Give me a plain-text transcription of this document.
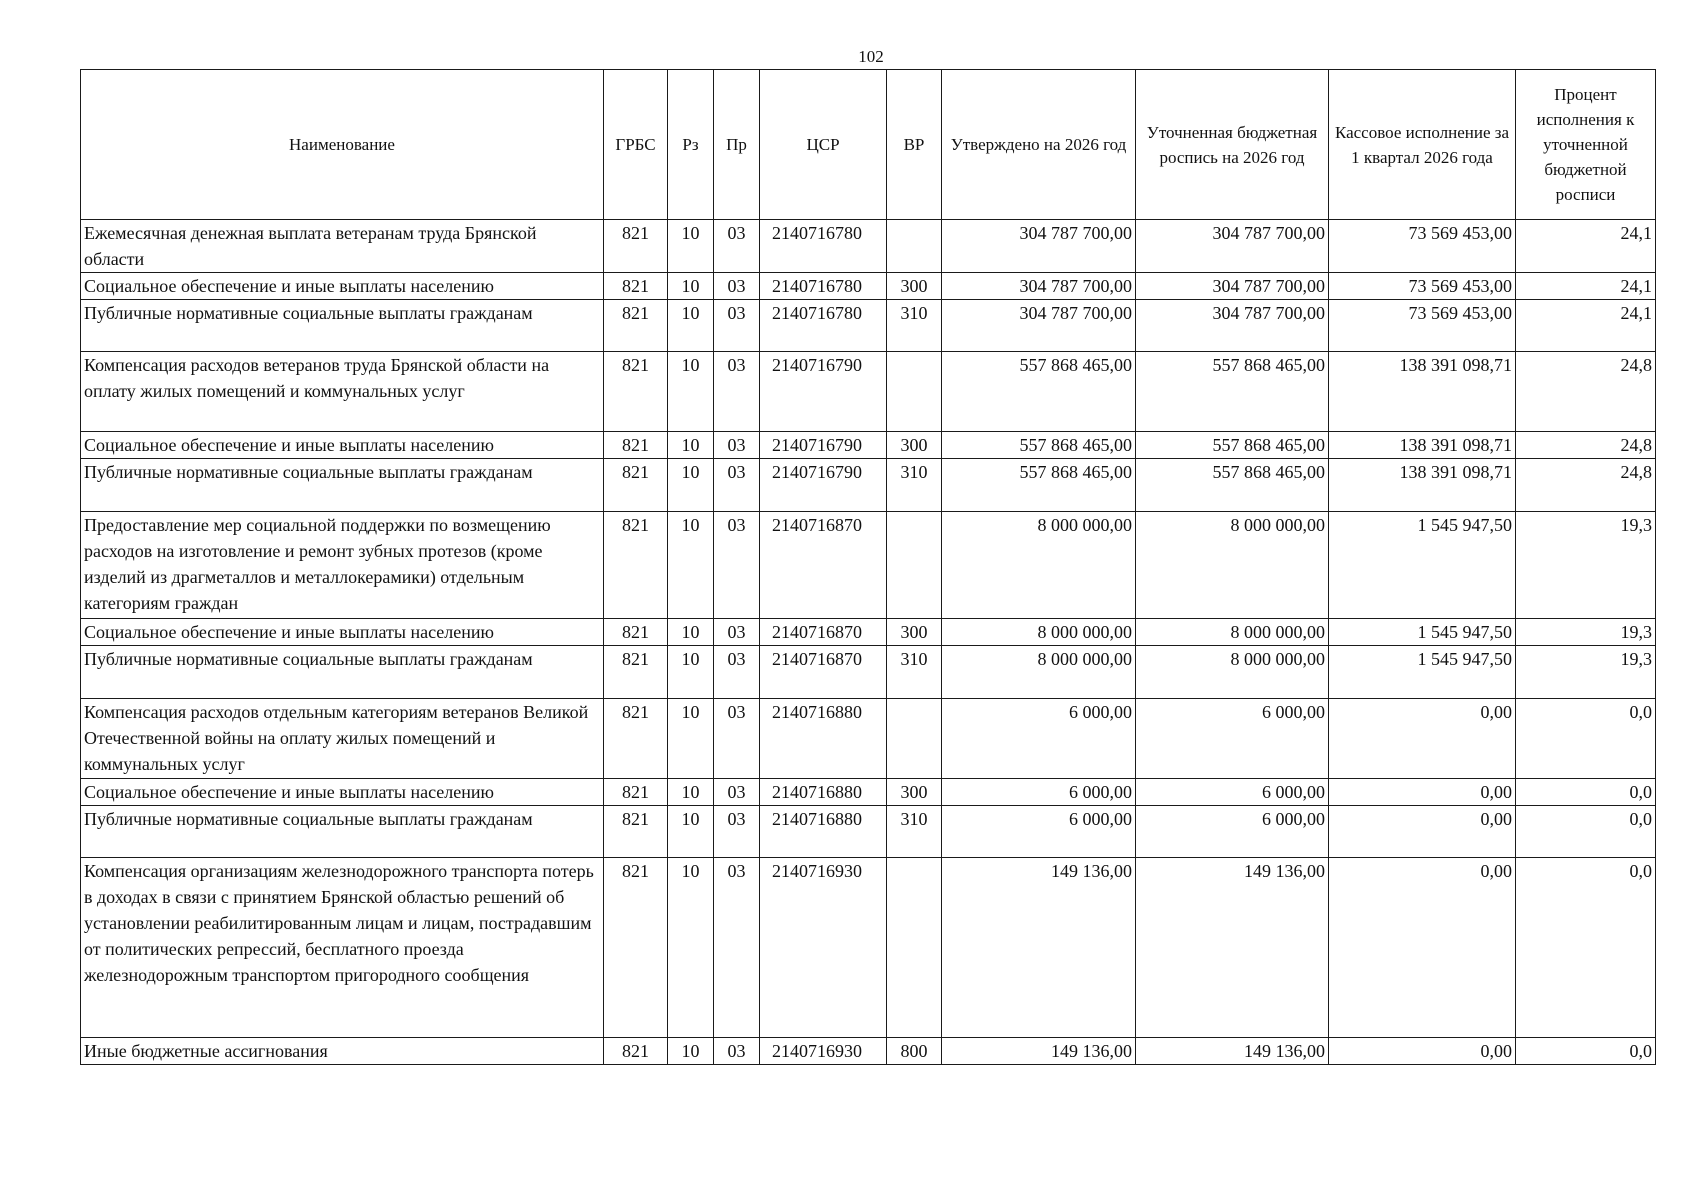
102
Наименование	ГРБС	Рз	Пр	ЦСР	ВР	Утверждено на 2026 год	Уточненная бюджетная роспись на 2026 год	Кассовое исполнение за 1 квартал 2026 года	Процент исполнения к уточненной бюджетной росписи
Ежемесячная денежная выплата ветеранам труда Брянской области	821	10	03	2140716780		304 787 700,00	304 787 700,00	73 569 453,00	24,1
Социальное обеспечение и иные выплаты населению	821	10	03	2140716780	300	304 787 700,00	304 787 700,00	73 569 453,00	24,1
Публичные нормативные социальные выплаты гражданам	821	10	03	2140716780	310	304 787 700,00	304 787 700,00	73 569 453,00	24,1
Компенсация расходов ветеранов труда Брянской области на оплату жилых помещений и коммунальных услуг	821	10	03	2140716790		557 868 465,00	557 868 465,00	138 391 098,71	24,8
Социальное обеспечение и иные выплаты населению	821	10	03	2140716790	300	557 868 465,00	557 868 465,00	138 391 098,71	24,8
Публичные нормативные социальные выплаты гражданам	821	10	03	2140716790	310	557 868 465,00	557 868 465,00	138 391 098,71	24,8
Предоставление мер социальной поддержки по возмещению расходов на изготовление и ремонт зубных протезов (кроме изделий из драгметаллов и металлокерамики) отдельным категориям граждан	821	10	03	2140716870		8 000 000,00	8 000 000,00	1 545 947,50	19,3
Социальное обеспечение и иные выплаты населению	821	10	03	2140716870	300	8 000 000,00	8 000 000,00	1 545 947,50	19,3
Публичные нормативные социальные выплаты гражданам	821	10	03	2140716870	310	8 000 000,00	8 000 000,00	1 545 947,50	19,3
Компенсация расходов отдельным категориям ветеранов Великой Отечественной войны на оплату жилых помещений и коммунальных услуг	821	10	03	2140716880		6 000,00	6 000,00	0,00	0,0
Социальное обеспечение и иные выплаты населению	821	10	03	2140716880	300	6 000,00	6 000,00	0,00	0,0
Публичные нормативные социальные выплаты гражданам	821	10	03	2140716880	310	6 000,00	6 000,00	0,00	0,0
Компенсация организациям железнодорожного транспорта потерь в доходах в связи с принятием Брянской областью решений об установлении реабилитированным лицам и лицам, пострадавшим от политических репрессий, бесплатного проезда железнодорожным транспортом пригородного сообщения	821	10	03	2140716930		149 136,00	149 136,00	0,00	0,0
Иные бюджетные ассигнования	821	10	03	2140716930	800	149 136,00	149 136,00	0,00	0,0
